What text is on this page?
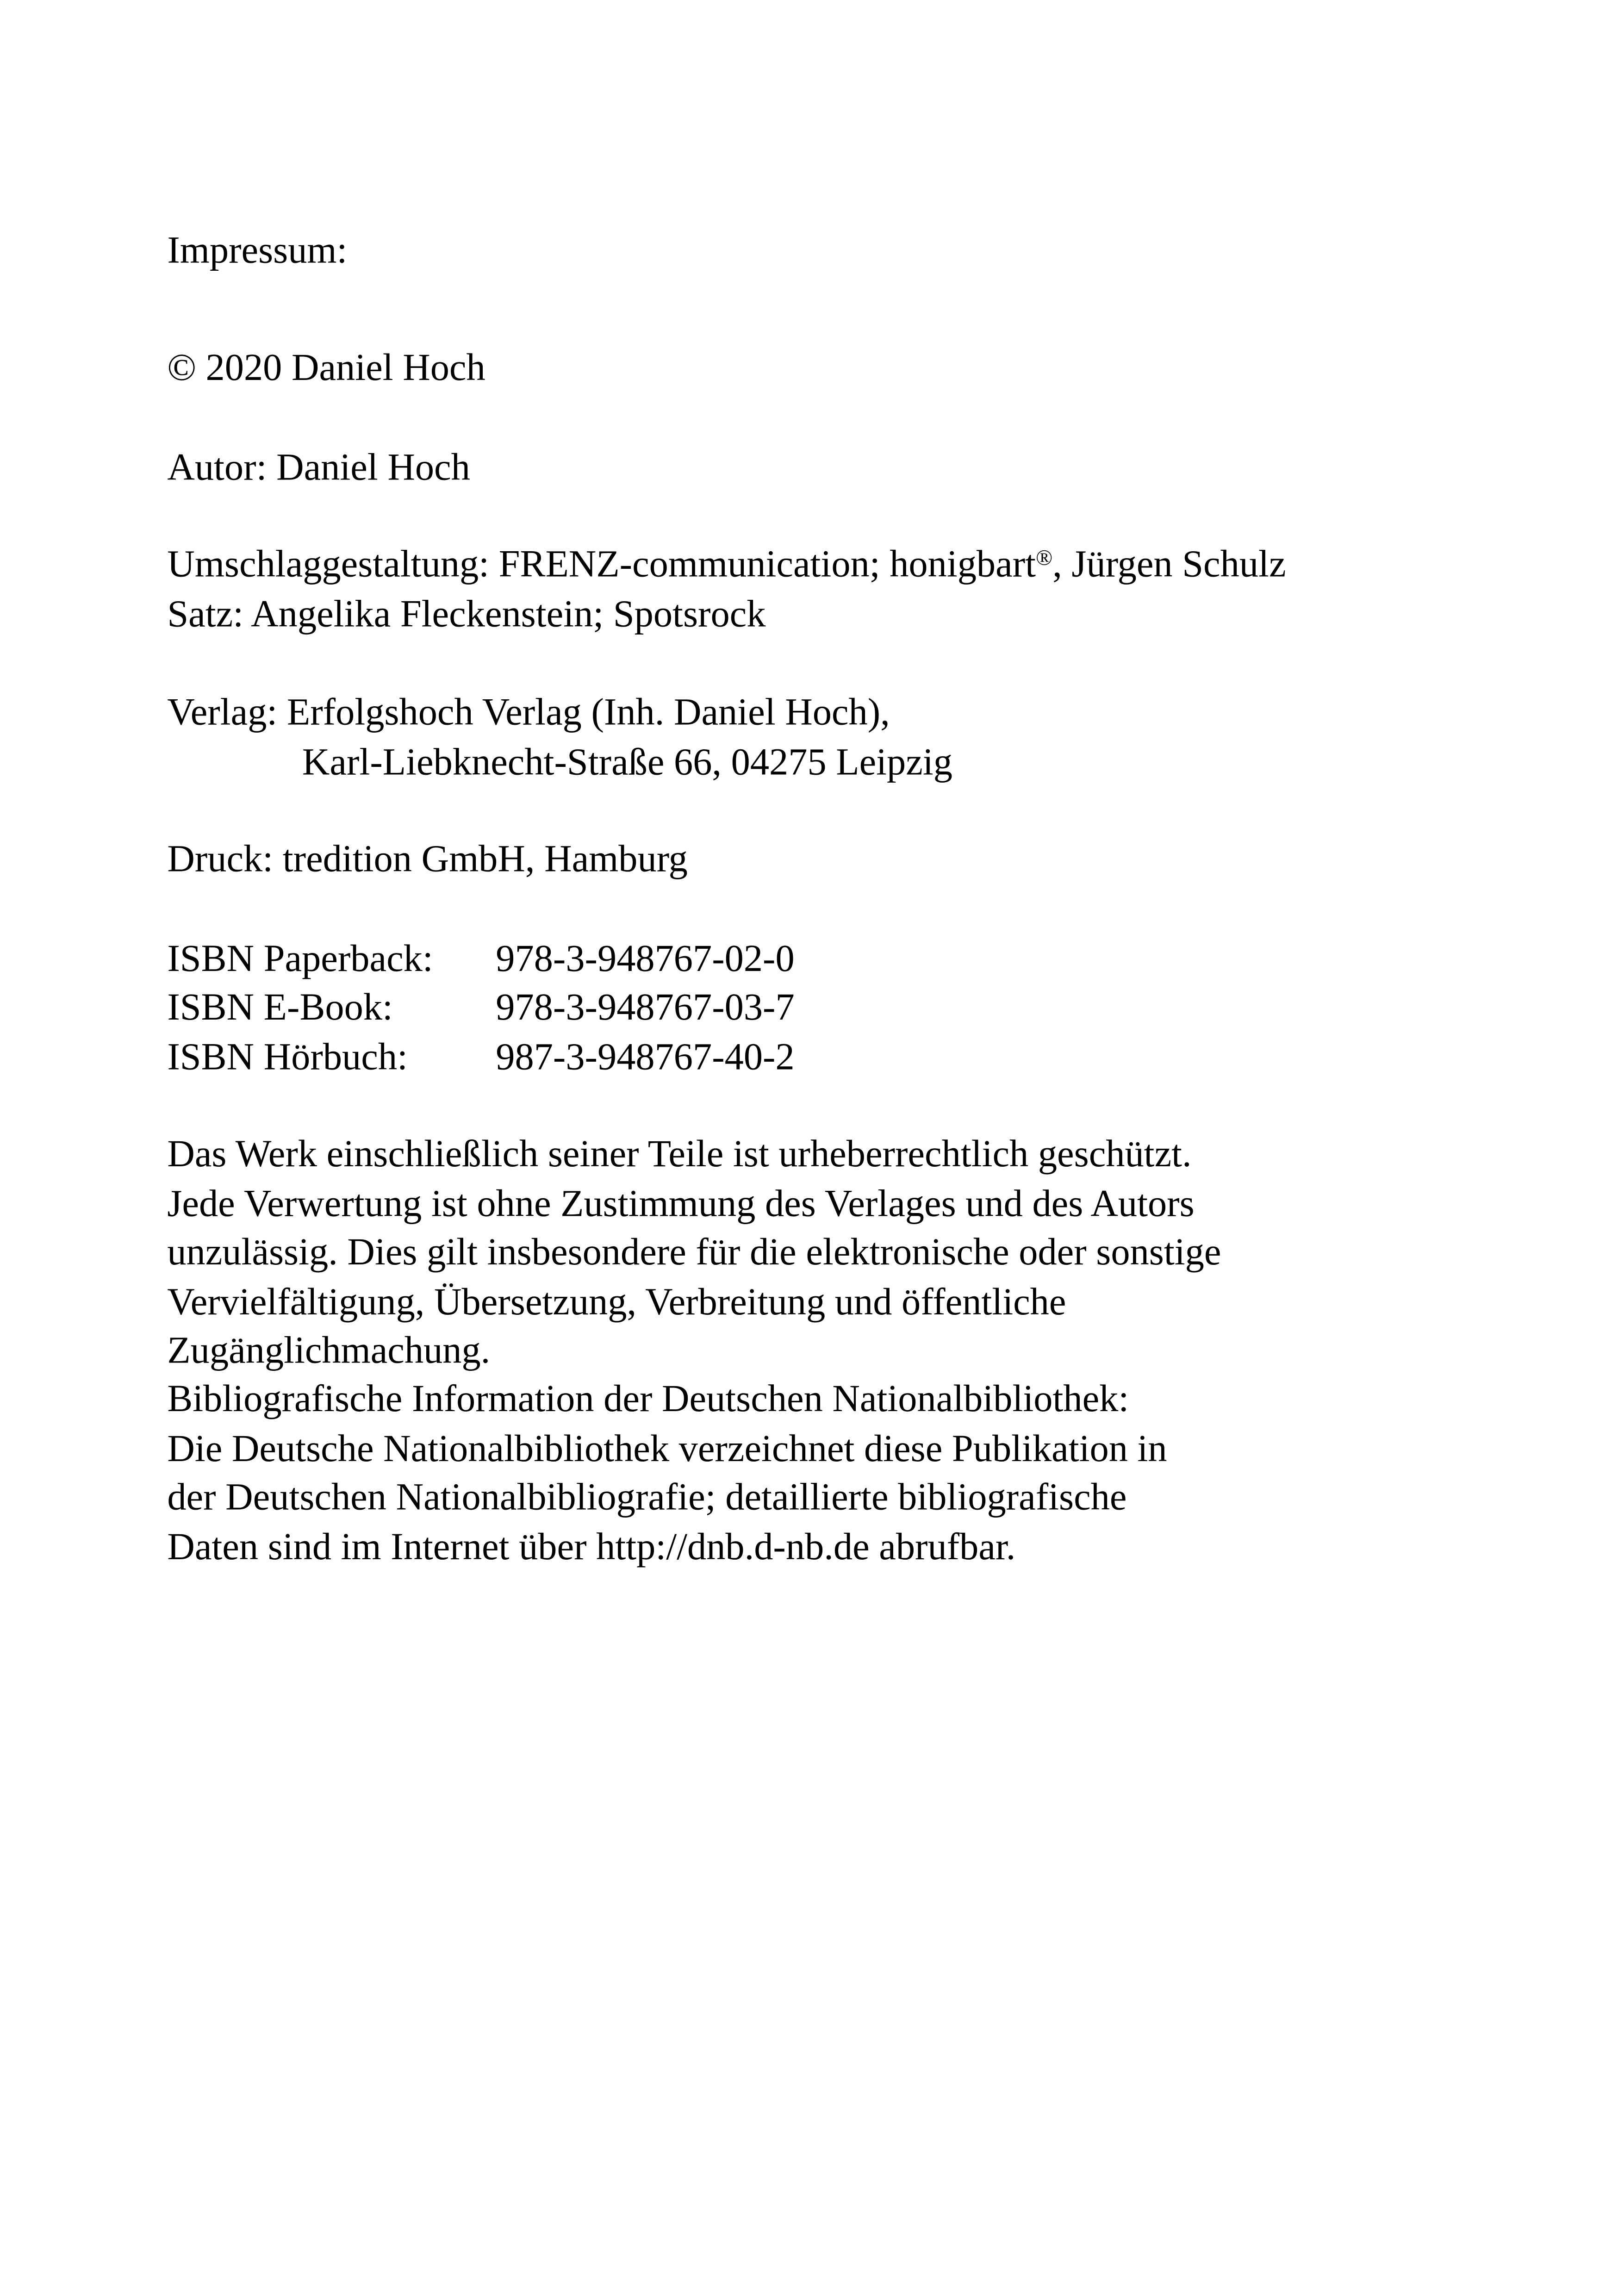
Impressum:
© 2020 Daniel Hoch
Autor: Daniel Hoch
Umschlaggestaltung: FRENZ-communication; honigbart®, Jürgen Schulz
Satz: Angelika Fleckenstein; Spotsrock
Verlag: Erfolgshoch Verlag (Inh. Daniel Hoch),
Karl-Liebknecht-Straße 66, 04275 Leipzig
Druck: tredition GmbH, Hamburg
ISBN Paperback:	978-3-948767-02-0
ISBN E-Book:	978-3-948767-03-7
ISBN Hörbuch:	987-3-948767-40-2
Das Werk einschließlich seiner Teile ist urheberrechtlich geschützt.
Jede Verwertung ist ohne Zustimmung des Verlages und des Autors
unzulässig. Dies gilt insbesondere für die elektronische oder sonstige
Vervielfältigung, Übersetzung, Verbreitung und öffentliche
Zugänglichmachung.
Bibliografische Information der Deutschen Nationalbibliothek:
Die Deutsche Nationalbibliothek verzeichnet diese Publikation in
der Deutschen Nationalbibliografie; detaillierte bibliografische
Daten sind im Internet über http://dnb.d-nb.de abrufbar.
